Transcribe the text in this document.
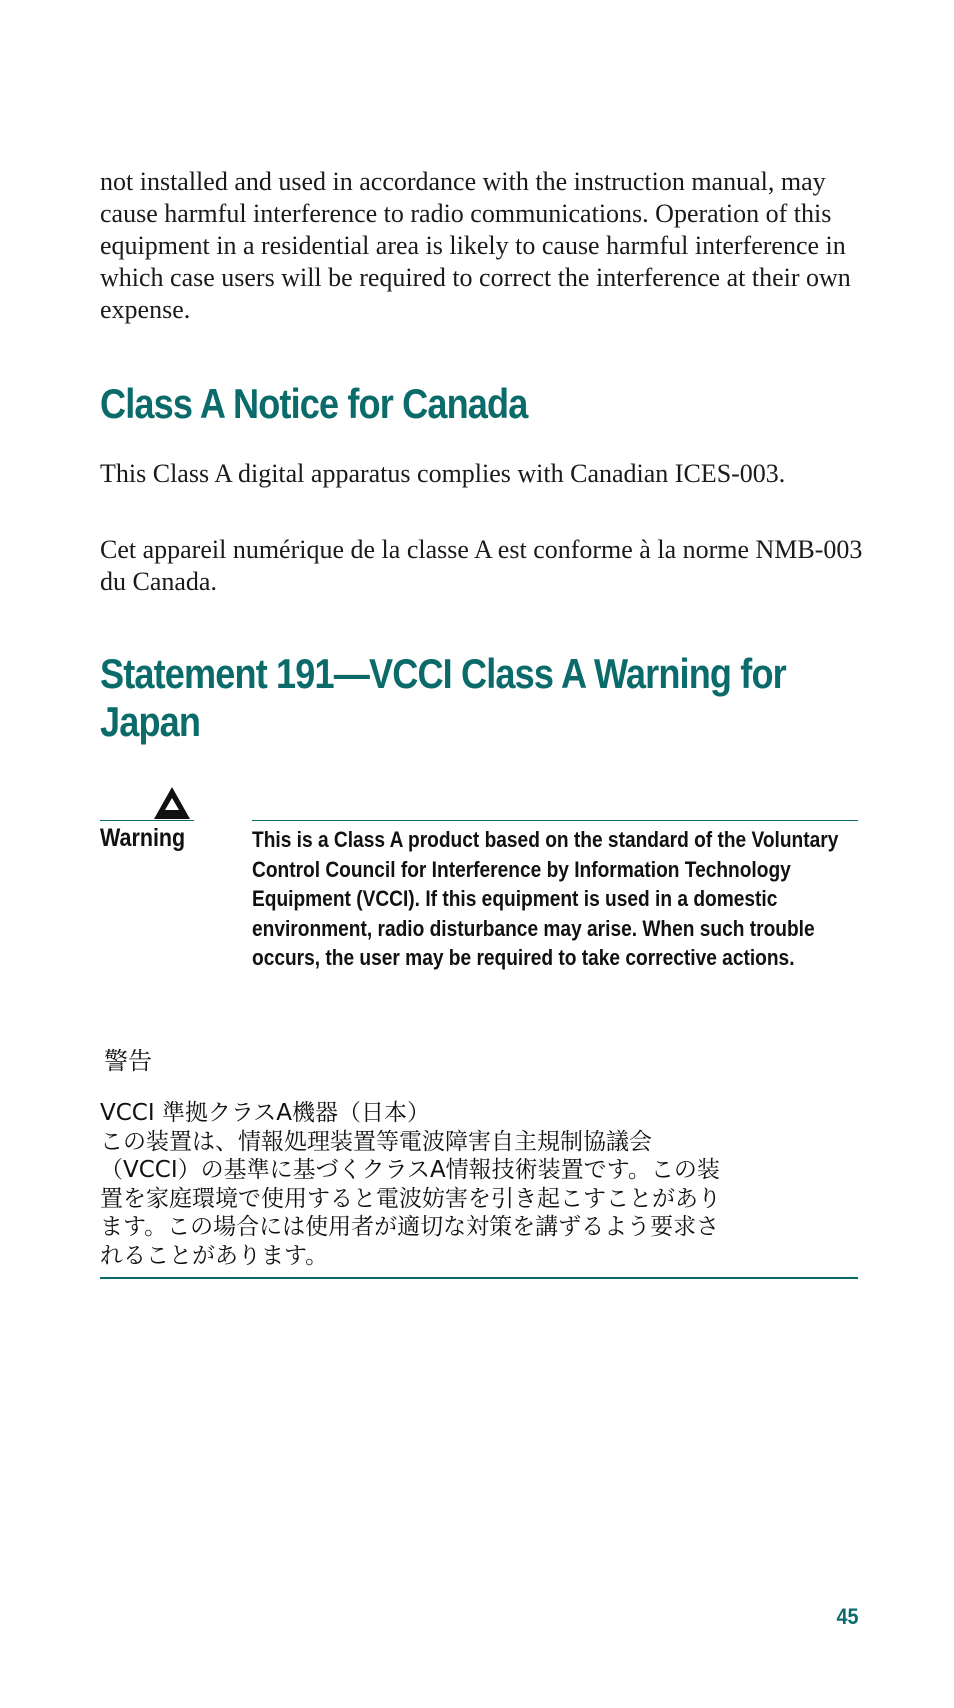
not installed and used in accordance with the instruction manual, may cause harmful interference to radio communications. Operation of this equipment in a residential area is likely to cause harmful interference in which case users will be required to correct the interference at their own expense.

Class A Notice for Canada

This Class A digital apparatus complies with Canadian ICES-003.

Cet appareil numérique de la classe A est conforme à la norme NMB-003 du Canada.

Statement 191—VCCI Class A Warning for Japan
Warning	This is a Class A product based on the standard of the Voluntary Control Council for Interference by Information Technology Equipment (VCCI). If this equipment is used in a domestic environment, radio disturbance may arise. When such trouble occurs, the user may be required to take corrective actions.

警告
VCCI 準拠クラスA機器（日本）
この装置は、情報処理装置等電波障害自主規制協議会
（VCCI）の基準に基づくクラスA情報技術装置です。この装
置を家庭環境で使用すると電波妨害を引き起こすことがあり
ます。この場合には使用者が適切な対策を講ずるよう要求さ
れることがあります。
45
